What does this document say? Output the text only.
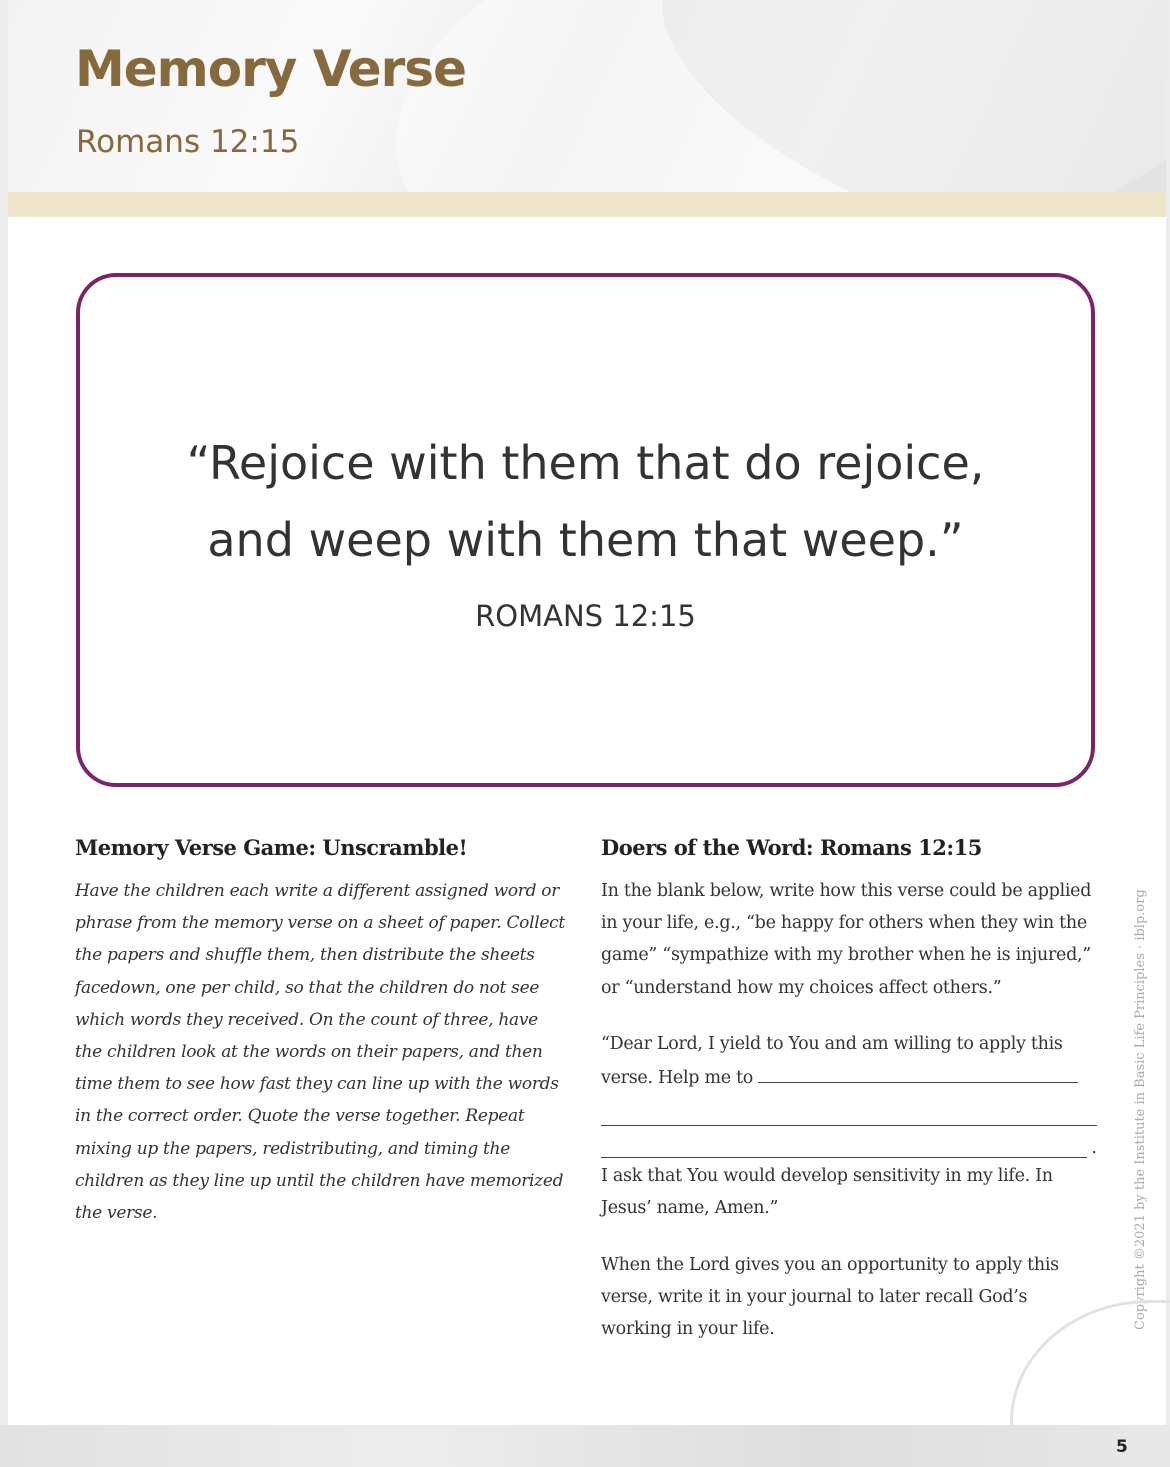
Memory Verse

Romans 12:15

“Rejoice with them that do rejoice,
and weep with them that weep.”

ROMANS 12:15

Memory Verse Game: Unscramble!

Have the children each write a different assigned word or phrase from the memory verse on a sheet of paper. Collect the papers and shuffle them, then distribute the sheets facedown, one per child, so that the children do not see which words they received. On the count of three, have the children look at the words on their papers, and then time them to see how fast they can line up with the words in the correct order. Quote the verse together. Repeat mixing up the papers, redistributing, and timing the children as they line up until the children have memorized the verse.

Doers of the Word: Romans 12:15

In the blank below, write how this verse could be applied in your life, e.g., “be happy for others when they win the game” “sympathize with my brother when he is injured,” or “understand how my choices affect others.”

“Dear Lord, I yield to You and am willing to apply this verse. Help me to

.

I ask that You would develop sensitivity in my life. In Jesus’ name, Amen.”

When the Lord gives you an opportunity to apply this verse, write it in your journal to later recall God’s working in your life.	Copyright ©2021 by the Institute in Basic Life Principles · iblp.org
5
